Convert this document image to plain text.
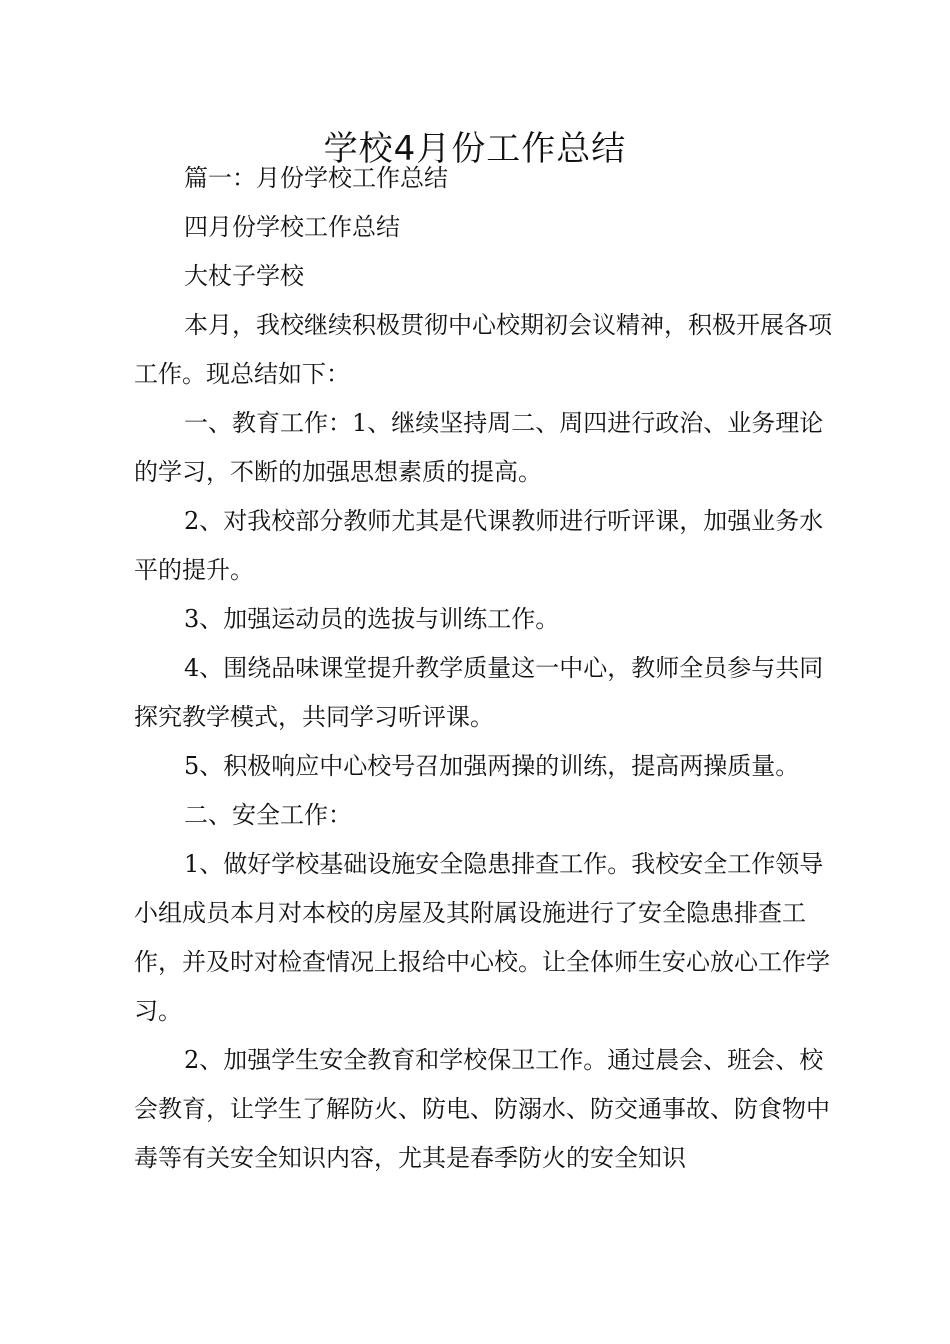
学校4月份工作总结

篇一：月份学校工作总结

四月份学校工作总结

大杖子学校

本月，我校继续积极贯彻中心校期初会议精神，积极开展各项工作。现总结如下：

一、教育工作：1、继续坚持周二、周四进行政治、业务理论的学习，不断的加强思想素质的提高。

2、对我校部分教师尤其是代课教师进行听评课，加强业务水平的提升。

3、加强运动员的选拔与训练工作。

4、围绕品味课堂提升教学质量这一中心，教师全员参与共同探究教学模式，共同学习听评课。

5、积极响应中心校号召加强两操的训练，提高两操质量。

二、安全工作：

1、做好学校基础设施安全隐患排查工作。我校安全工作领导小组成员本月对本校的房屋及其附属设施进行了安全隐患排查工作，并及时对检查情况上报给中心校。让全体师生安心放心工作学习。

2、加强学生安全教育和学校保卫工作。通过晨会、班会、校会教育，让学生了解防火、防电、防溺水、防交通事故、防食物中毒等有关安全知识内容，尤其是春季防火的安全知识
